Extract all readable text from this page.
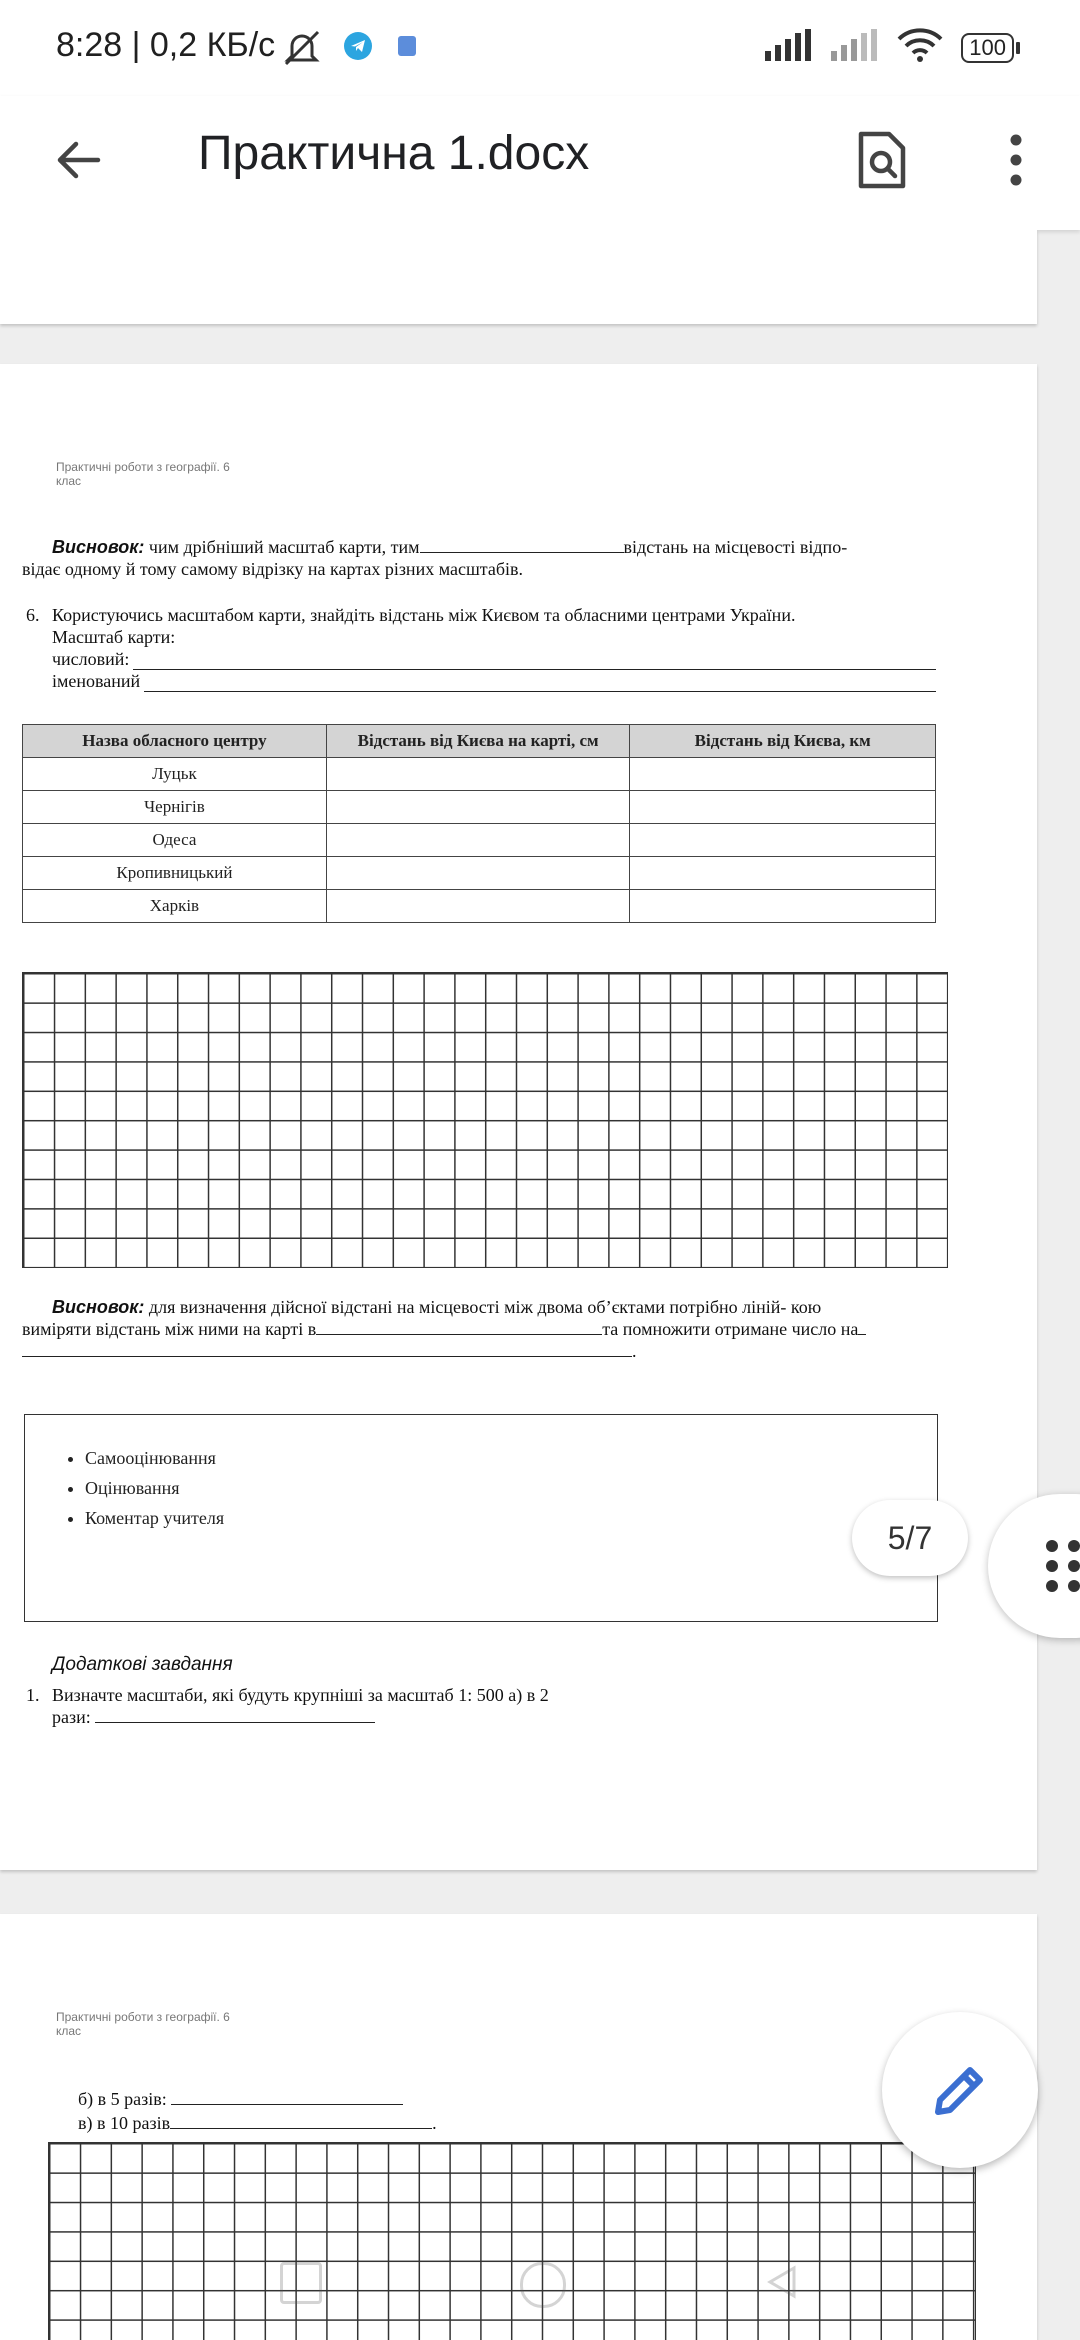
8:28 | 0,2 КБ/с	100
Практична 1.docx
Практичні роботи з географії. 6
клас
Висновок: чим дрібніший масштаб карти, тим	відстань на місцевості відпо-
відає одному й тому самому відрізку на картах різних масштабів.
6. Користуючись масштабом карти, знайдіть відстань між Києвом та обласними центрами України.
Масштаб карти:
числовий:
іменований
Назва обласного центру	Відстань від Києва на карті, см	Відстань від Києва, км
Луцьк		
Чернігів		
Одеса		
Кропивницький		
Харків		
Висновок: для визначення дійсної відстані на місцевості між двома об’єктами потрібно ліній- кою
виміряти відстань між ними на карті в	та помножити отримане число на
.
• Самооцінювання
• Оцінювання
• Коментар учителя
Додаткові завдання
1. Визначте масштаби, які будуть крупніші за масштаб 1: 500 а) в 2
рази:
Практичні роботи з географії. 6
клас
б) в 5 разів:
в) в 10 разів	.
5/7
